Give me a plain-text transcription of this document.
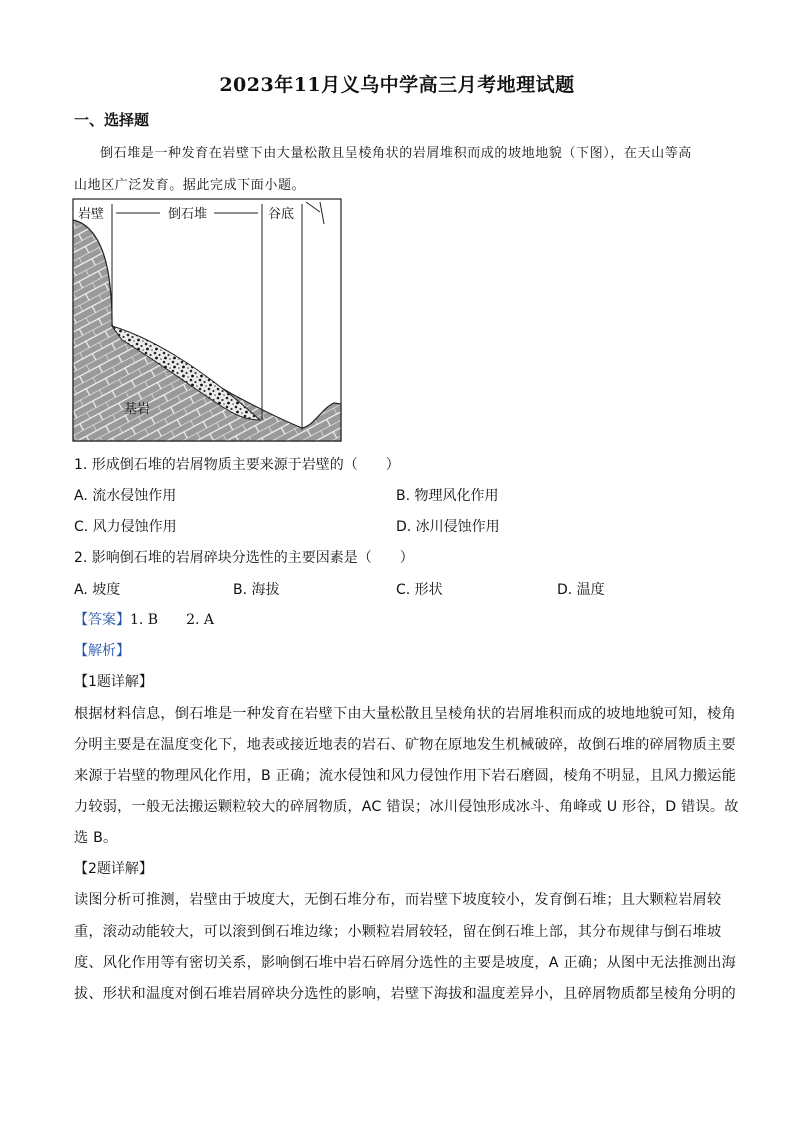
2023年11月义乌中学高三月考地理试题
一、选择题
倒石堆是一种发育在岩壁下由大量松散且呈棱角状的岩屑堆积而成的坡地地貌（下图），在天山等高
山地区广泛发育。据此完成下面小题。
岩壁	倒石堆	谷底
基岩
1. 形成倒石堆的岩屑物质主要来源于岩壁的（　　）
A. 流水侵蚀作用	B. 物理风化作用
C. 风力侵蚀作用	D. 冰川侵蚀作用
2. 影响倒石堆的岩屑碎块分选性的主要因素是（　　）
A. 坡度	B. 海拔	C. 形状	D. 温度
【答案】1. B 2. A
【解析】
【1题详解】
根据材料信息，倒石堆是一种发育在岩壁下由大量松散且呈棱角状的岩屑堆积而成的坡地地貌可知，棱角
分明主要是在温度变化下，地表或接近地表的岩石、矿物在原地发生机械破碎，故倒石堆的碎屑物质主要
来源于岩壁的物理风化作用，B 正确；流水侵蚀和风力侵蚀作用下岩石磨圆，棱角不明显，且风力搬运能
力较弱，一般无法搬运颗粒较大的碎屑物质，AC 错误；冰川侵蚀形成冰斗、角峰或 U 形谷，D 错误。故
选 B。
【2题详解】
读图分析可推测，岩壁由于坡度大，无倒石堆分布，而岩壁下坡度较小，发育倒石堆；且大颗粒岩屑较
重，滚动动能较大，可以滚到倒石堆边缘；小颗粒岩屑较轻，留在倒石堆上部，其分布规律与倒石堆坡
度、风化作用等有密切关系，影响倒石堆中岩石碎屑分选性的主要是坡度，A 正确；从图中无法推测出海
拔、形状和温度对倒石堆岩屑碎块分选性的影响，岩壁下海拔和温度差异小，且碎屑物质都呈棱角分明的
